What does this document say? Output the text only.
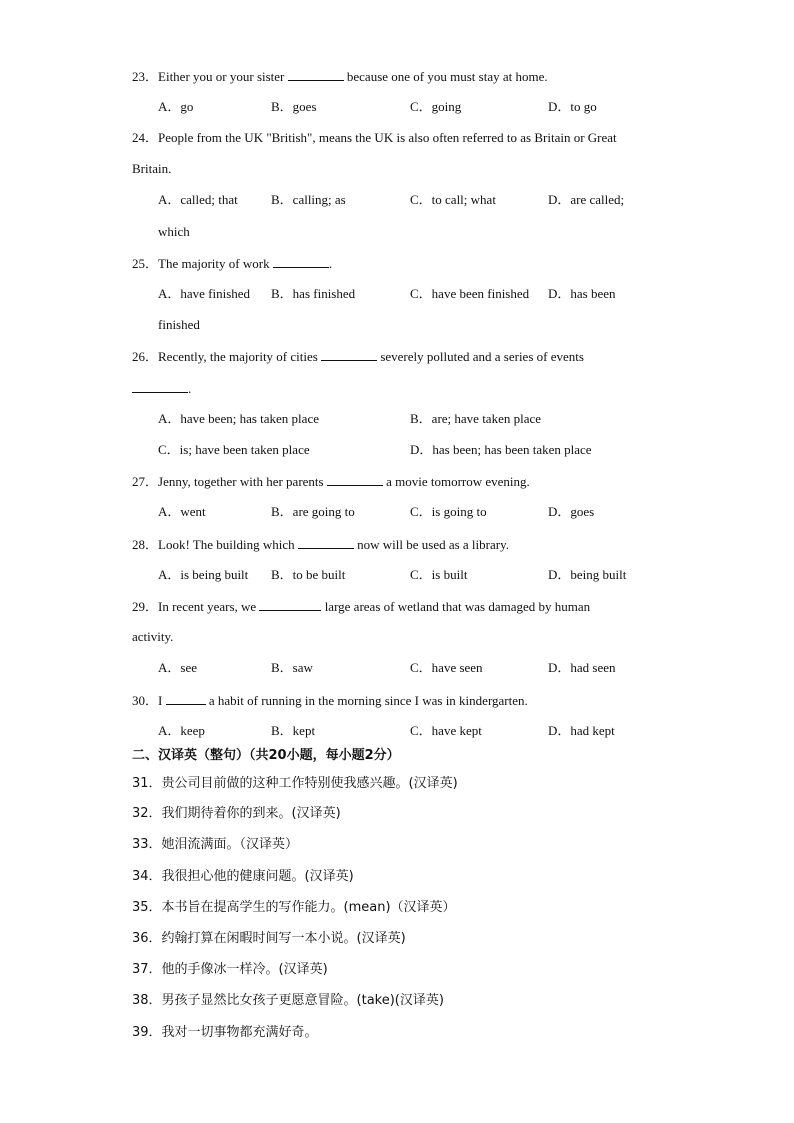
23．Either you or your sister	because one of you must stay at home.
A．go	B．goes	C．going	D．to go
24．People from the UK "British", means the UK is also often referred to as Britain or Great
Britain.
A．called; that	B．calling; as	C．to call; what	D．are called;
which
25．The majority of work	.
A．have finished B．has finished	C．have been finished D．has been
finished
26．Recently, the majority of cities	severely polluted and a series of events
.
A．have been; has taken place	B．are; have taken place
C．is; have been taken place	D．has been; has been taken place
27．Jenny, together with her parents	a movie tomorrow evening.
A．went	B．are going to	C．is going to	D．goes
28．Look! The building which	now will be used as a library.
A．is being built B．to be built	C．is built	D．being built
29．In recent years, we	large areas of wetland that was damaged by human
activity.
A．see	B．saw	C．have seen	D．had seen
30．I	a habit of running in the morning since I was in kindergarten.
A．keep	B．kept	C．have kept	D．had kept
二、汉译英（整句）（共20小题，每小题2分）
31．贵公司目前做的这种工作特别使我感兴趣。(汉译英)
32．我们期待着你的到来。(汉译英)
33．她泪流满面。（汉译英）
34．我很担心他的健康问题。(汉译英)
35．本书旨在提高学生的写作能力。(mean)（汉译英）
36．约翰打算在闲暇时间写一本小说。(汉译英)
37．他的手像冰一样冷。(汉译英)
38．男孩子显然比女孩子更愿意冒险。(take)(汉译英)
39．我对一切事物都充满好奇。
